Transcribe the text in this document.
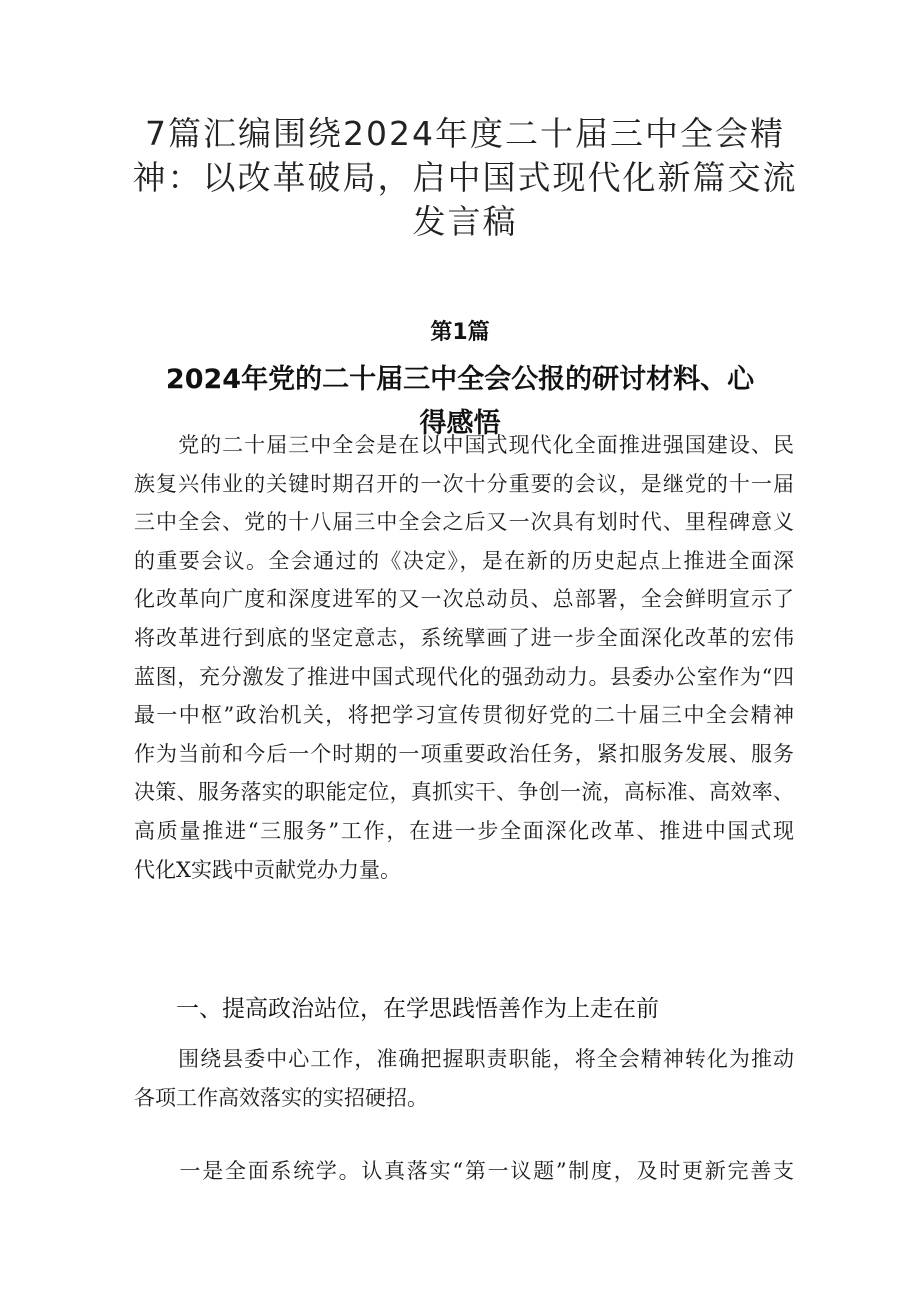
7篇汇编围绕2024年度二十届三中全会精
神：以改革破局，启中国式现代化新篇交流
发言稿
第1篇
2024年党的二十届三中全会公报的研讨材料、心
得感悟
　　党的二十届三中全会是在以中国式现代化全面推进强国建设、民
族复兴伟业的关键时期召开的一次十分重要的会议，是继党的十一届
三中全会、党的十八届三中全会之后又一次具有划时代、里程碑意义
的重要会议。全会通过的《决定》，是在新的历史起点上推进全面深
化改革向广度和深度进军的又一次总动员、总部署，全会鲜明宣示了
将改革进行到底的坚定意志，系统擘画了进一步全面深化改革的宏伟
蓝图，充分激发了推进中国式现代化的强劲动力。县委办公室作为“四
最一中枢”政治机关，将把学习宣传贯彻好党的二十届三中全会精神
作为当前和今后一个时期的一项重要政治任务，紧扣服务发展、服务
决策、服务落实的职能定位，真抓实干、争创一流，高标准、高效率、
高质量推进“三服务”工作，在进一步全面深化改革、推进中国式现
代化X实践中贡献党办力量。
一、提高政治站位，在学思践悟善作为上走在前
　　围绕县委中心工作，准确把握职责职能，将全会精神转化为推动
各项工作高效落实的实招硬招。
　　一是全面系统学。认真落实“第一议题”制度，及时更新完善支
